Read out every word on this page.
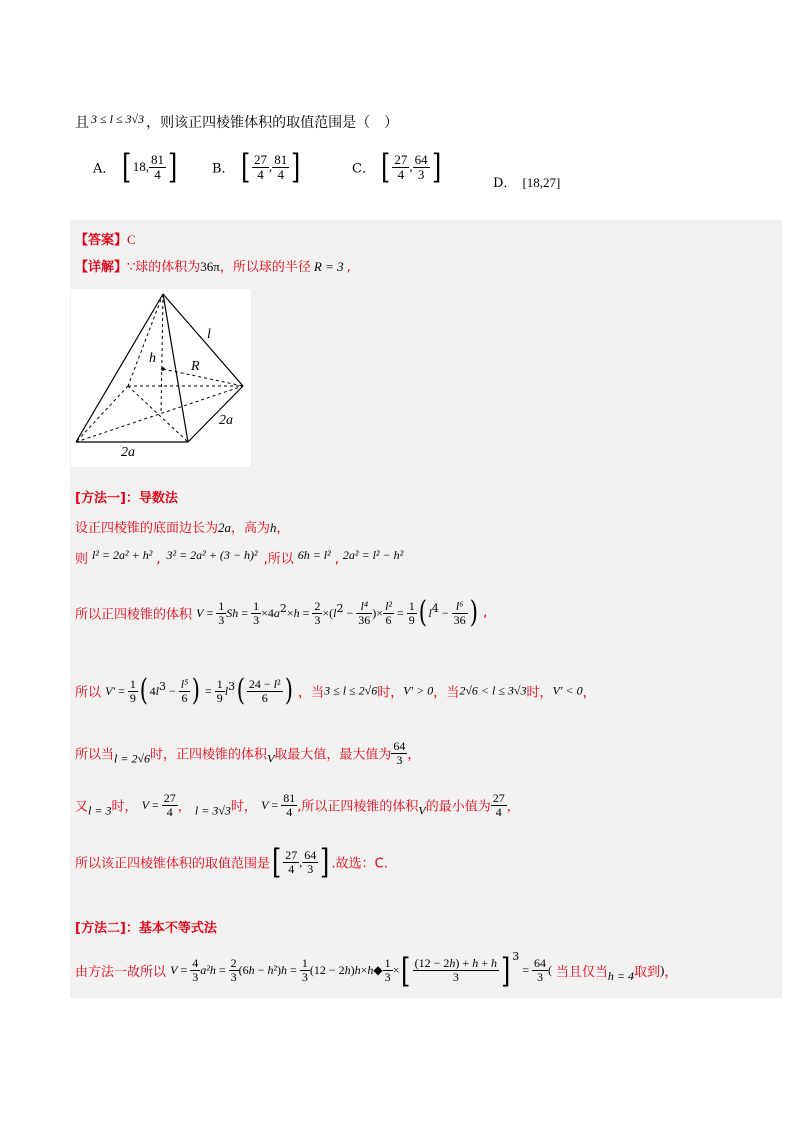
且 3 ≤ l ≤ 3√3 ，则该正四棱锥体积的取值范围是（　）
A． [ 18, $\frac{81}{4}$ ]	B． [ $\frac{27}{4}$ , $\frac{81}{4}$ ]	C． [ $\frac{27}{4}$ , $\frac{64}{3}$ ]	D． [18,27]
【答案】C
【详解】∵球的体积为36π，所以球的半径 R = 3 ,
l
h
R
2a
2a
[方法一]：导数法
设正四棱锥的底面边长为2a，高为h，
则 l² = 2a² + h² , 3² = 2a² + (3 − h)² ,所以 6h = l² , 2a² = l² − h²
所以正四棱锥的体积 $V = \frac{1}{3}$ $Sh = \frac{1}{3} \times 4a^2\times h = \frac{2}{3} \times(l^2 - \frac{\text{l⁴}}{36}$ )× $\frac{\text{l²}}{6} = \frac{1}{9}$ ( $l^4 - \frac{\text{l⁶}}{36}$ ) ,
所以 $V' = \frac{1}{9}$ ( $4l^3 - \frac{\text{l⁵}}{6}$ ) = $\frac{1}{9} l^3( \frac{\text{24 − l²}}{6}$ ) ，当3 ≤ l ≤ 2√6时，V′ > 0，当2√6 < l ≤ 3√3时，V′ < 0，
所以当l = 2√6时，正四棱锥的体积V取最大值，最大值为 $\frac{64}{3}$ ，
又l = 3时， $V = \frac{27}{4}$ ， l = 3√3时， $V = \frac{81}{4}$ ,所以正四棱锥的体积V的最小值为 $\frac{27}{4}$ ，
所以该正四棱锥体积的取值范围是[ $\frac{27}{4}$ , $\frac{64}{3}$ ] .故选：C.
[方法二]：基本不等式法
由方法一故所以 $V = \frac{4}{3} a^2h = \frac{2}{3} (6h - h^2)h = \frac{1}{3} (12$ − 2h)h×h◆ $\frac{1}{3}$ ×[ $\frac{(12 - 2h) + h + h}{3}$ ] $^3 = \frac{64}{3}$ ( 当且仅当h = 4取到)，
